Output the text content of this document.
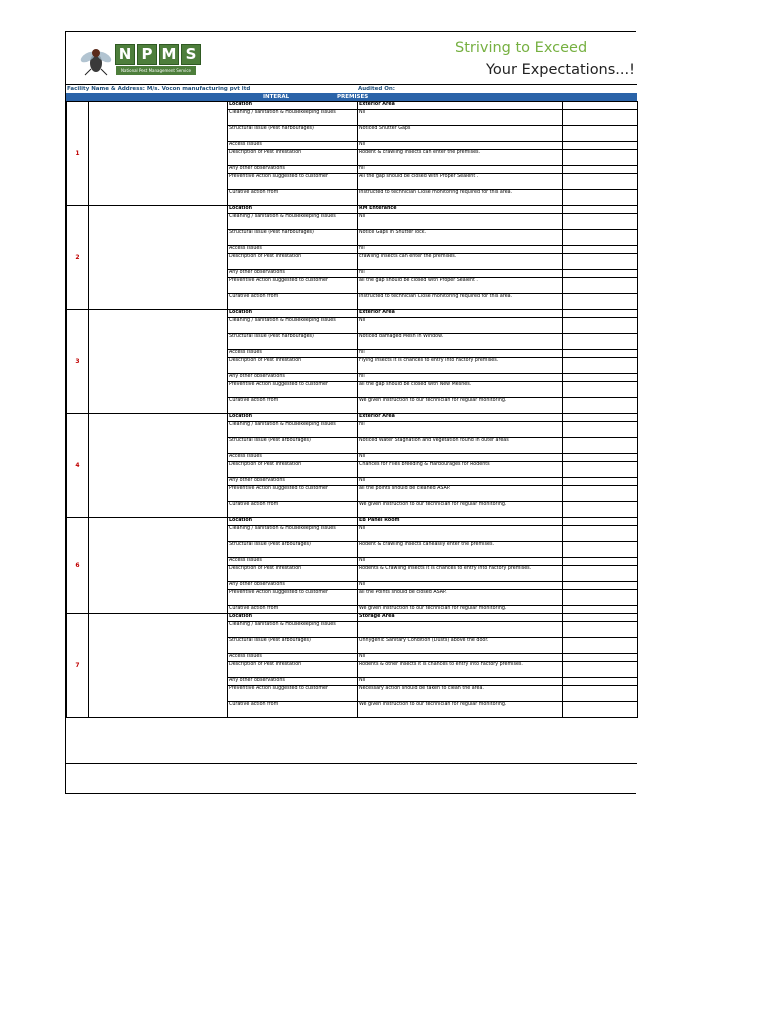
N P M S
National Pest Management Service
Striving to Exceed
Your Expectations...!
Facility Name & Address: M/s. Vocon manufacturing pvt ltd	Audited On:
INTERAL	PREMISES
1		Location	Exterior Area	
		Cleaning / sanitation & Housekeeping Issues	Nil	
		Structural Issue (Pest harbourages)	Noticed Shutter Gaps	
		Access Issues	Nil	
		Description of Pest Infestation	Rodent & crawling insects can enter the premises.	
		Any other observations	nil	
		Preventive Action suggested to customer	All the gap should be closed with Proper Sealent .	
		Curative action from	Instructed to technician Close monitoring required for this area.	
2		Location	RM Enterance	
		Cleaning / sanitation & Housekeeping Issues	Nil	
		Structural Issue (Pest harbourages)	Notice Gaps in Shutter lock.	
		Access Issues	nil	
		Description of Pest Infestation	crawling insects can enter the premises.	
		Any other observations	nil	
		Preventive Action suggested to customer	all the gap should be closed with Proper Sealent .	
		Curative action from	Instructed to technician Close monitoring required for this area.	
3		Location	Exterior Area	
		Cleaning / sanitation & Housekeeping Issues	Nil	
		Structural Issue (Pest harbourages)	Noticed damaged Mesh in Window.	
		Access Issues	nil	
		Description of Pest Infestation	Flying insects it is chances to entry into Factory premises.	
		Any other observations	nil	
		Preventive Action suggested to customer	all the gap should be closed with New Meshes.	
		Curative action from	We given instruction to our technician for regular monitoring.	
4		Location	Exterior Area	
		Cleaning / sanitation & Housekeeping Issues	nil	
		Structural Issue (Pest arbourages)	Noticed Water Stagnation and vegetation found in outer areas	
		Access Issues	Nil	
		Description of Pest Infestation	Chances for Flies breeding & Harbourages for Rodents	
		Any other observations	Nil	
		Preventive Action suggested to customer	all the points should be cleaned ASAP.	
		Curative action from	We given instruction to our technician for regular monitoring.	
6		Location	EB Panel Room	
		Cleaning / sanitation & Housekeeping Issues	Nil	
		Structural Issue (Pest arbourages)	Rodent & crawling insects caneasily enter the premises.	
		Access Issues	Nil	
		Description of Pest Infestation	Rodents & Crawling Insects it is chances to entry into Factory premises.	
		Any other observations	Nil	
		Preventive Action suggested to customer	all the Points should be closed ASAP.	
		Curative action from	We given instruction to our technician for regular monitoring.	
7		Location	Storage Area	
		Cleaning / sanitation & Housekeeping Issues		
		Structural Issue (Pest arbourages)	Unhygenic Sanitary Condition (Dusts) above the door.	
		Access Issues	Nil	
		Description of Pest Infestation	Rodents & other insects it is chances to entry into Factory premises.	
		Any other observations	Nil	
		Preventive Action suggested to customer	Necessary action should be taken to clean the area.	
		Curative action from	We given instruction to our technician for regular monitoring.	
